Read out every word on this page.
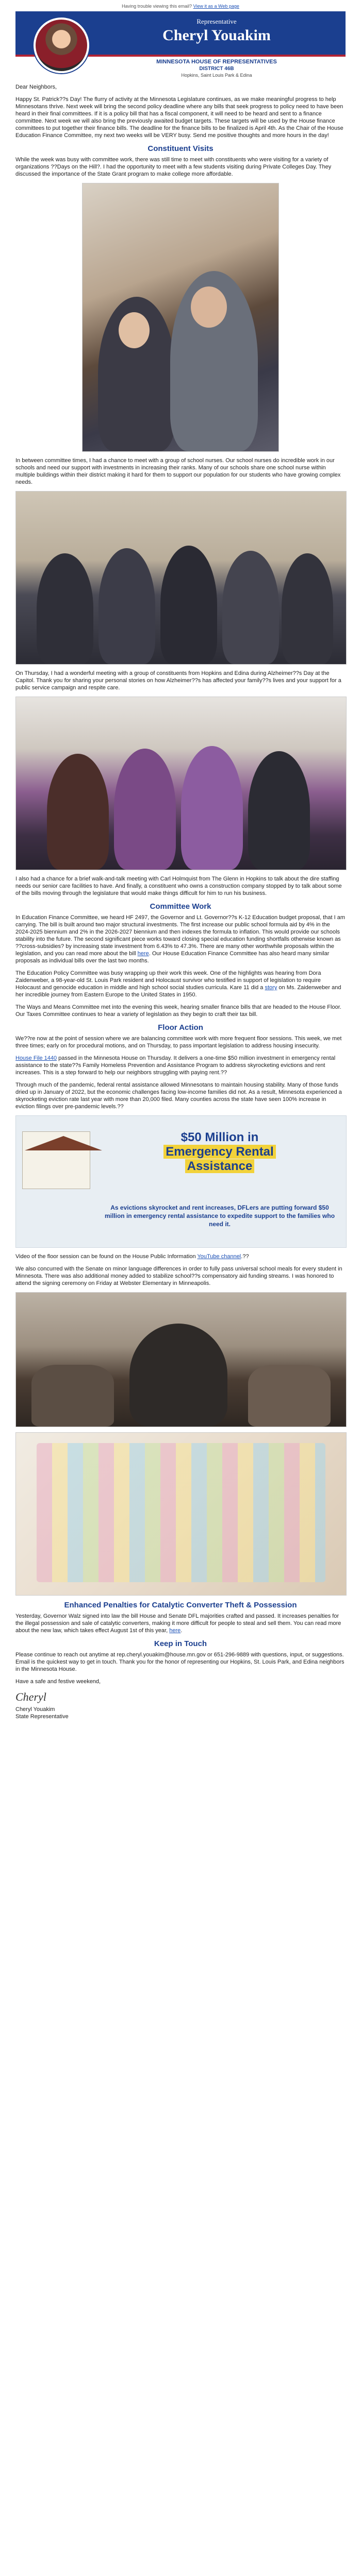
Having trouble viewing this email? View it as a Web page
Representative
Cheryl Youakim
MINNESOTA HOUSE OF REPRESENTATIVES
DISTRICT 46B
Hopkins, Saint Louis Park & Edina

Dear Neighbors,

Happy St. Patrick??s Day! The flurry of activity at the Minnesota Legislature continues, as we make meaningful progress to help Minnesotans thrive. Next week will bring the second policy deadline where any bills that seek progress to policy need to have been heard in their final committees. If it is a policy bill that has a fiscal component, it will need to be heard and sent to a finance committee. Next week we will also bring the previously awaited budget targets. These targets will be used by the House finance committees to put together their finance bills. The deadline for the finance bills to be finalized is April 4th. As the Chair of the House Education Finance Committee, my next two weeks will be VERY busy. Send me positive thoughts and more hours in the day!

Constituent Visits

While the week was busy with committee work, there was still time to meet with constituents who were visiting for a variety of organizations ??Days on the Hill?. I had the opportunity to meet with a few students visiting during Private Colleges Day. They discussed the importance of the State Grant program to make college more affordable.

In between committee times, I had a chance to meet with a group of school nurses. Our school nurses do incredible work in our schools and need our support with investments in increasing their ranks. Many of our schools share one school nurse within multiple buildings within their district making it hard for them to support our population for our students who have growing complex needs.

On Thursday, I had a wonderful meeting with a group of constituents from Hopkins and Edina during Alzheimer??s Day at the Capitol. Thank you for sharing your personal stories on how Alzheimer??s has affected your family??s lives and your support for a public service campaign and respite care.

I also had a chance for a brief walk-and-talk meeting with Carl Holmquist from The Glenn in Hopkins to talk about the dire staffing needs our senior care facilities to have. And finally, a constituent who owns a construction company stopped by to talk about some of the bills moving through the legislature that would make things difficult for him to run his business.

Committee Work

In Education Finance Committee, we heard HF 2497, the Governor and Lt. Governor??s K-12 Education budget proposal, that I am carrying. The bill is built around two major structural investments. The first increase our public school formula aid by 4% in the 2024-2025 biennium and 2% in the 2026-2027 biennium and then indexes the formula to inflation. This would provide our schools stability into the future. The second significant piece works toward closing special education funding shortfalls otherwise known as ??cross-subsidies? by increasing state investment from 6.43% to 47.3%. There are many other worthwhile proposals within the legislation, and you can read more about the bill here. Our House Education Finance Committee has also heard many similar proposals as individual bills over the last two months.

The Education Policy Committee was busy wrapping up their work this week. One of the highlights was hearing from Dora Zaidenweber, a 98-year-old St. Louis Park resident and Holocaust survivor who testified in support of legislation to require Holocaust and genocide education in middle and high school social studies curricula. Kare 11 did a story on Ms. Zaidenweber and her incredible journey from Eastern Europe to the United States in 1950.

The Ways and Means Committee met into the evening this week, hearing smaller finance bills that are headed to the House Floor. Our Taxes Committee continues to hear a variety of legislation as they begin to craft their tax bill.

Floor Action

We??re now at the point of session where we are balancing committee work with more frequent floor sessions. This week, we met three times; early on for procedural motions, and on Thursday, to pass important legislation to address housing insecurity.

House File 1440 passed in the Minnesota House on Thursday. It delivers a one-time $50 million investment in emergency rental assistance to the state??s Family Homeless Prevention and Assistance Program to address skyrocketing evictions and rent increases. This is a step forward to help our neighbors struggling with paying rent.??

Through much of the pandemic, federal rental assistance allowed Minnesotans to maintain housing stability. Many of those funds dried up in January of 2022, but the economic challenges facing low-income families did not. As a result, Minnesota experienced a skyrocketing eviction rate last year with more than 20,000 filed. Many counties across the state have seen 100% increase in eviction filings over pre-pandemic levels.??

$50 Million in
Emergency Rental
Assistance
As evictions skyrocket and rent increases, DFLers are putting forward $50 million in emergency rental assistance to expedite support to the families who need it.

Video of the floor session can be found on the House Public Information YouTube channel.??

We also concurred with the Senate on minor language differences in order to fully pass universal school meals for every student in Minnesota. There was also additional money added to stabilize school??s compensatory aid funding streams. I was honored to attend the signing ceremony on Friday at Webster Elementary in Minneapolis.

Enhanced Penalties for Catalytic Converter Theft & Possession

Yesterday, Governor Walz signed into law the bill House and Senate DFL majorities crafted and passed. It increases penalties for the illegal possession and sale of catalytic converters, making it more difficult for people to steal and sell them. You can read more about the new law, which takes effect August 1st of this year, here.

Keep in Touch

Please continue to reach out anytime at rep.cheryl.youakim@house.mn.gov or 651-296-9889 with questions, input, or suggestions. Email is the quickest way to get in touch. Thank you for the honor of representing our Hopkins, St. Louis Park, and Edina neighbors in the Minnesota House.

Have a safe and festive weekend,

Cheryl

Cheryl Youakim
State Representative
